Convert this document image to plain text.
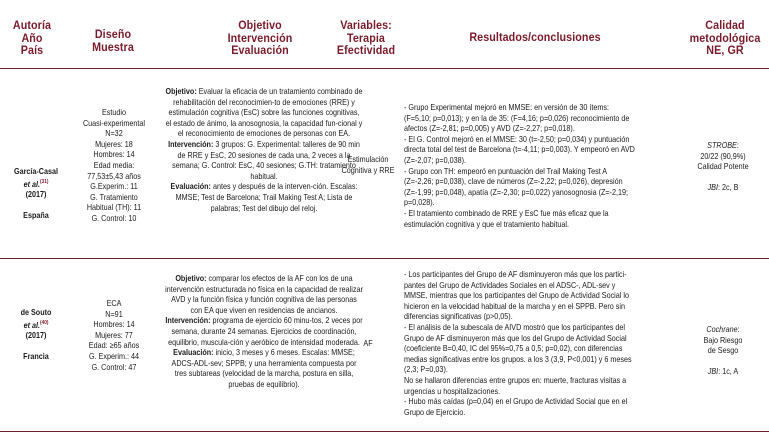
Autoría
Año
País
Diseño
Muestra
Objetivo
Intervención
Evaluación
Variables:
Terapia
Efectividad
Resultados/conclusiones
Calidad
metodológica
NE, GR
García-Casal
et al.$^{(31)}$
(2017)
España
Estudio
Cuasi-experimental
N=32
Mujeres: 18
Hombres: 14
Edad media:
77,53±5,43 años
G.Experim.: 11
G. Tratamiento
Habitual (TH): 11
G. Control: 10
Objetivo: Evaluar la eficacia de un tratamiento combinado de rehabilitación del reconocimien-to de emociones (RRE) y estimulación cognitiva (EsC) sobre las funciones cognitivas, el estado de ánimo, la anosognosia, la capacidad fun-cional y el reconocimiento de emociones de personas con EA.
Intervención: 3 grupos: G. Experimental: talleres de 90 min de RRE y EsC, 20 sesiones de cada una, 2 veces a la semana; G. Control: EsC, 40 sesiones; G.TH: tratamiento habitual.
Evaluación: antes y después de la interven-ción. Escalas: MMSE; Test de Barcelona; Trail Making Test A; Lista de palabras; Test del dibujo del reloj.
Estimulación
Cognitiva y RRE

- Grupo Experimental mejoró en MMSE: en versión de 30 ítems: (F=5,10; p=0,013); y en la de 35: (F=4,16; p=0,026) reconocimiento de afectos (Z=-2,81; p=0,005) y AVD (Z=-2,27; p=0,018).

- El G. Control mejoró en el MMSE: 30 (t=-2,50; p=0,034) y puntuación directa total del test de Barcelona (t=-4,11; p=0,003). Y empeoró en AVD (Z=-2,07; p=0,038).

- Grupo con TH: empeoró en puntuación del Trail Making Test A (Z=-2,26; p=0,038), clave de números (Z=-2,22; p=0,026), depresión (Z=-1,99; p=0,048), apatía (Z=-2,30; p=0,022) yanosognosia (Z=-2,19; p=0,028).

- El tratamiento combinado de RRE y EsC fue más eficaz que la estimulación cognitiva y que el tratamiento habitual.

STROBE:
20/22 (90,9%)
Calidad Potente
JBI: 2c, B
de Souto
et al.$^{(40)}$
(2017)
Francia
ECA
N=91
Hombres: 14
Mujeres: 77
Edad: ≥65 años
G. Experim.: 44
G. Control: 47
Objetivo: comparar los efectos de la AF con los de una intervención estructurada no física en la capacidad de realizar AVD y la función física y función cognitiva de las personas con EA que viven en residencias de ancianos.
Intervención: programa de ejercicio 60 minu-tos, 2 veces por semana, durante 24 semanas. Ejercicios de coordinación, equilibrio, muscula-ción y aeróbico de intensidad moderada.
Evaluación: inicio, 3 meses y 6 meses. Escalas: MMSE; ADCS-ADL-sev; SPPB; y una herramienta compuesta por tres subtareas (velocidad de la marcha, postura en silla, pruebas de equilibrio).
AF

- Los participantes del Grupo de AF disminuyeron más que los partici-pantes del Grupo de Actividades Sociales en el ADSC-, ADL-sev y MMSE, mientras que los participantes del Grupo de Actividad Social lo hicieron en la velocidad habitual de la marcha y en el SPPB. Pero sin diferencias significativas (p>0,05).

- El análisis de la subescala de AIVD mostró que los participantes del Grupo de AF disminuyeron más que los del Grupo de Actividad Social (coeficiente B=0,40, IC del 95%=0,75 a 0,5; p=0,02), con diferencias medias significativas entre los grupos. a los 3 (3,9, P<0,001) y 6 meses (2,3; P=0,03).

No se hallaron diferencias entre grupos en: muerte, fracturas visitas a urgencias u hospitalizaciones.

- Hubo más caídas (p=0,04) en el Grupo de Actividad Social que en el Grupo de Ejercicio.

Cochrane:
Bajo Riesgo
de Sesgo
JBI: 1c, A
